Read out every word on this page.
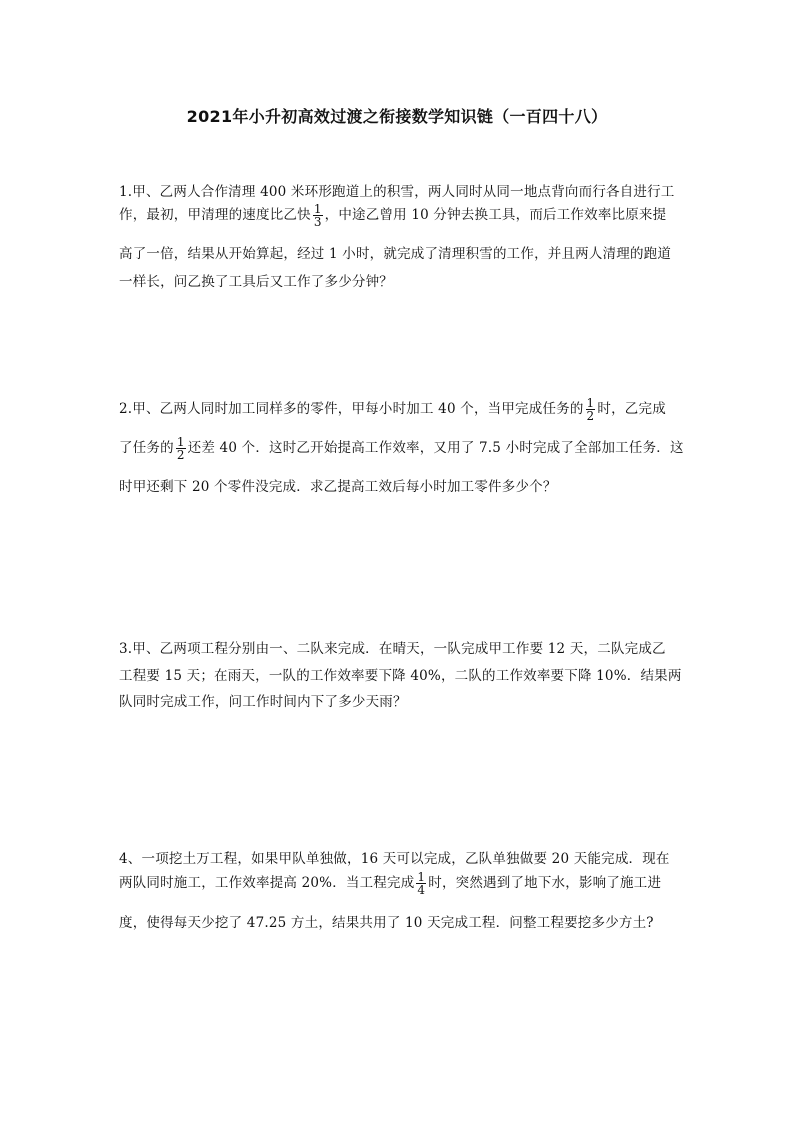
2021年小升初高效过渡之衔接数学知识链（一百四十八）
1.甲、乙两人合作清理 400 米环形跑道上的积雪，两人同时从同一地点背向而行各自进行工
作，最初，甲清理的速度比乙快 $\frac{1}{3}$ ，中途乙曾用 10 分钟去换工具，而后工作效率比原来提
高了一倍，结果从开始算起，经过 1 小时，就完成了清理积雪的工作，并且两人清理的跑道
一样长，问乙换了工具后又工作了多少分钟？
2.甲、乙两人同时加工同样多的零件，甲每小时加工 40 个，当甲完成任务的 $\frac{1}{2}$ 时，乙完成
了任务的 $\frac{1}{2}$ 还差 40 个．这时乙开始提高工作效率，又用了 7.5 小时完成了全部加工任务．这
时甲还剩下 20 个零件没完成．求乙提高工效后每小时加工零件多少个？
3.甲、乙两项工程分别由一、二队来完成．在晴天，一队完成甲工作要 12 天，二队完成乙
工程要 15 天；在雨天，一队的工作效率要下降 40%，二队的工作效率要下降 10%．结果两
队同时完成工作，问工作时间内下了多少天雨？
4、一项挖土万工程，如果甲队单独做，16 天可以完成，乙队单独做要 20 天能完成．现在
两队同时施工，工作效率提高 20%．当工程完成 $\frac{1}{4}$ 时，突然遇到了地下水，影响了施工进
度，使得每天少挖了 47.25 方土，结果共用了 10 天完成工程．问整工程要挖多少方土?
